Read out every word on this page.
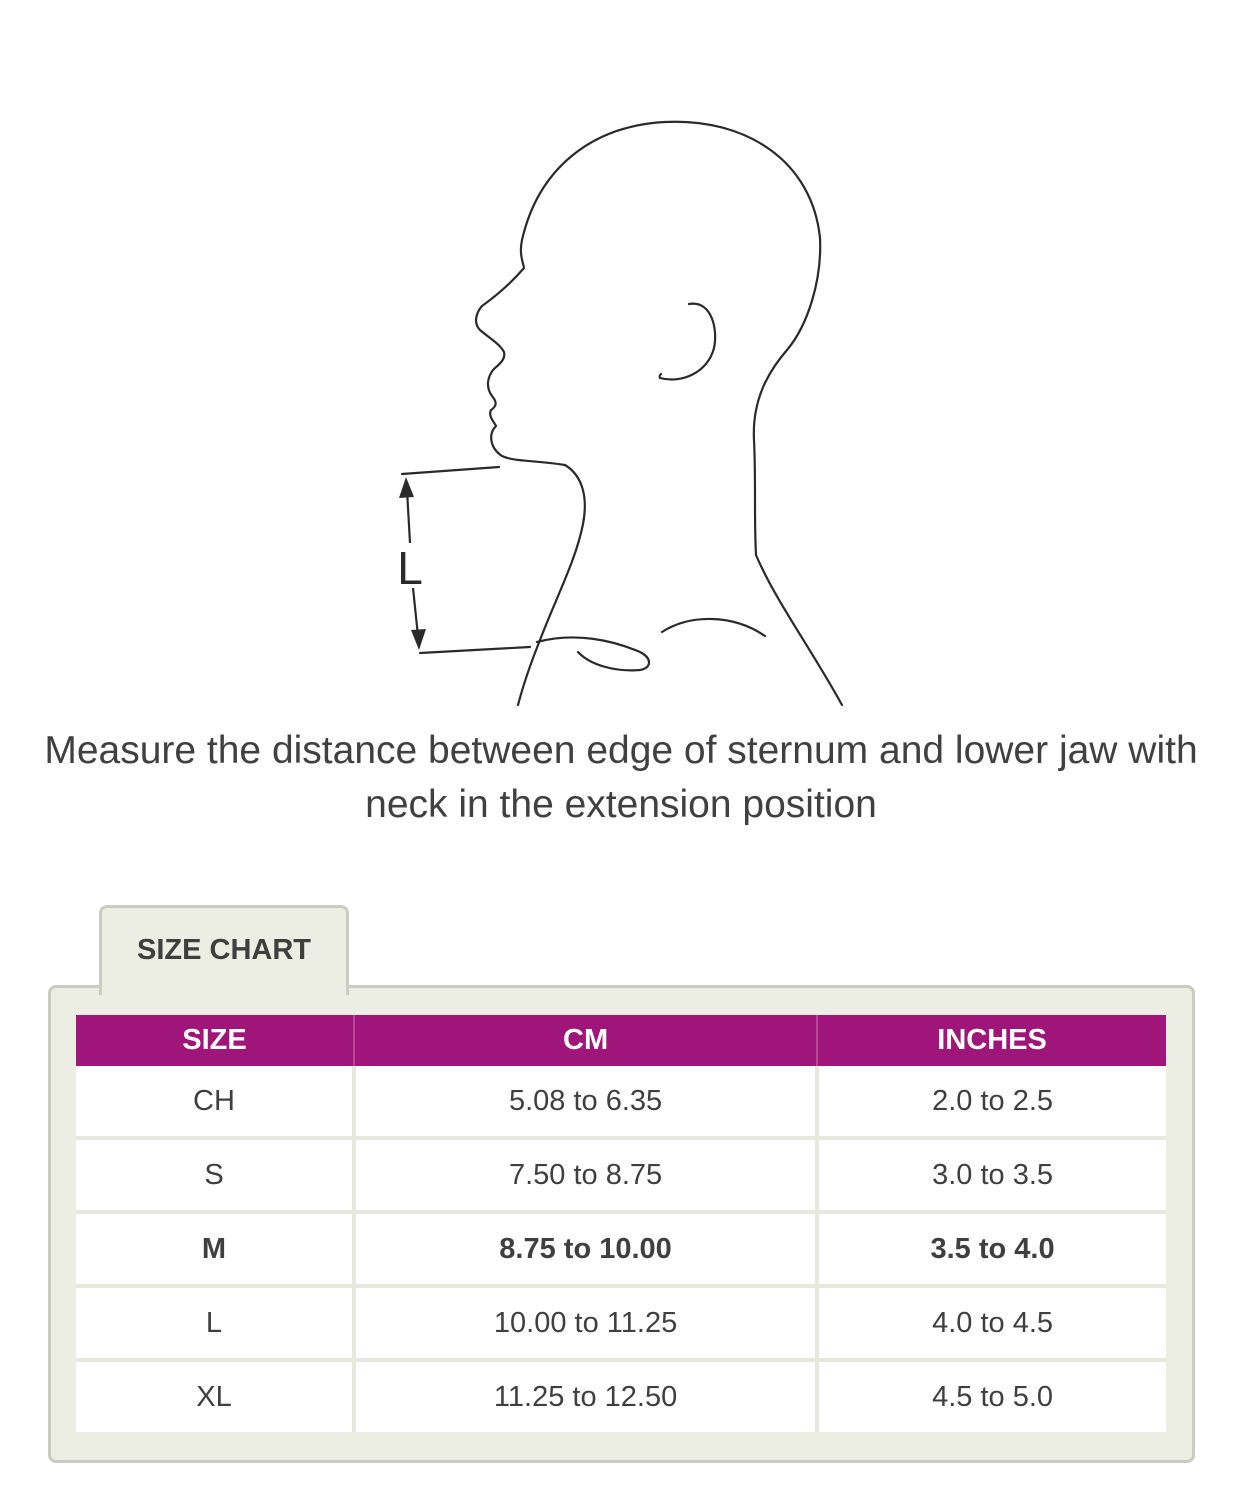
L
Measure the distance between edge of sternum and lower jaw with neck in the extension position
SIZE CHART
SIZE	CM	INCHES
CH	5.08 to 6.35	2.0 to 2.5
S	7.50 to 8.75	3.0 to 3.5
M	8.75 to 10.00	3.5 to 4.0
L	10.00 to 11.25	4.0 to 4.5
XL	11.25 to 12.50	4.5 to 5.0
